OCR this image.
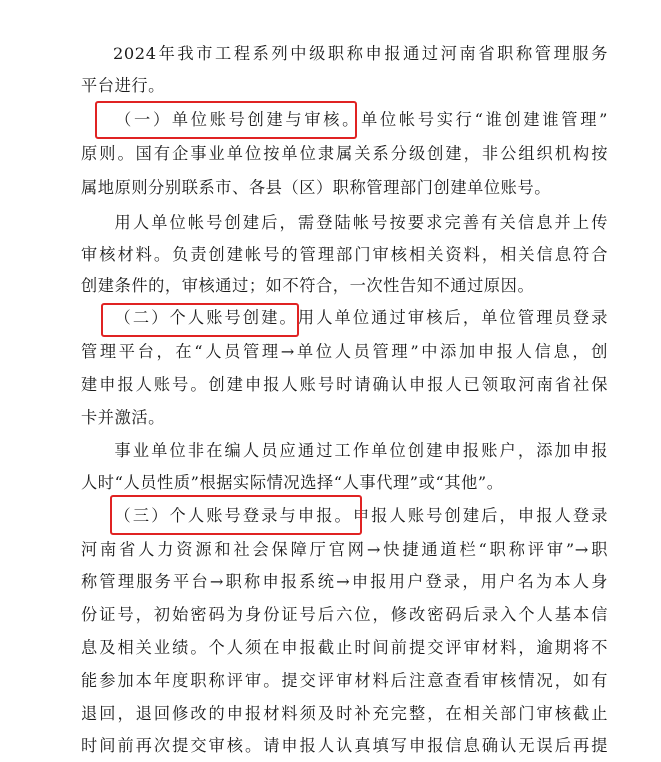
2024年我市工程系列中级职称申报通过河南省职称管理服务
平台进行。
（一）单位账号创建与审核。单位帐号实行“谁创建谁管理”
原则。国有企事业单位按单位隶属关系分级创建，非公组织机构按
属地原则分别联系市、各县（区）职称管理部门创建单位账号。
用人单位帐号创建后，需登陆帐号按要求完善有关信息并上传
审核材料。负责创建帐号的管理部门审核相关资料，相关信息符合
创建条件的，审核通过；如不符合，一次性告知不通过原因。
（二）个人账号创建。用人单位通过审核后，单位管理员登录
管理平台，在“人员管理→单位人员管理”中添加申报人信息，创
建申报人账号。创建申报人账号时请确认申报人已领取河南省社保
卡并激活。
事业单位非在编人员应通过工作单位创建申报账户，添加申报
人时“人员性质”根据实际情况选择“人事代理”或“其他”。
（三）个人账号登录与申报。申报人账号创建后，申报人登录
河南省人力资源和社会保障厅官网→快捷通道栏“职称评审”→职
称管理服务平台→职称申报系统→申报用户登录，用户名为本人身
份证号，初始密码为身份证号后六位，修改密码后录入个人基本信
息及相关业绩。个人须在申报截止时间前提交评审材料，逾期将不
能参加本年度职称评审。提交评审材料后注意查看审核情况，如有
退回，退回修改的申报材料须及时补充完整，在相关部门审核截止
时间前再次提交审核。请申报人认真填写申报信息确认无误后再提
